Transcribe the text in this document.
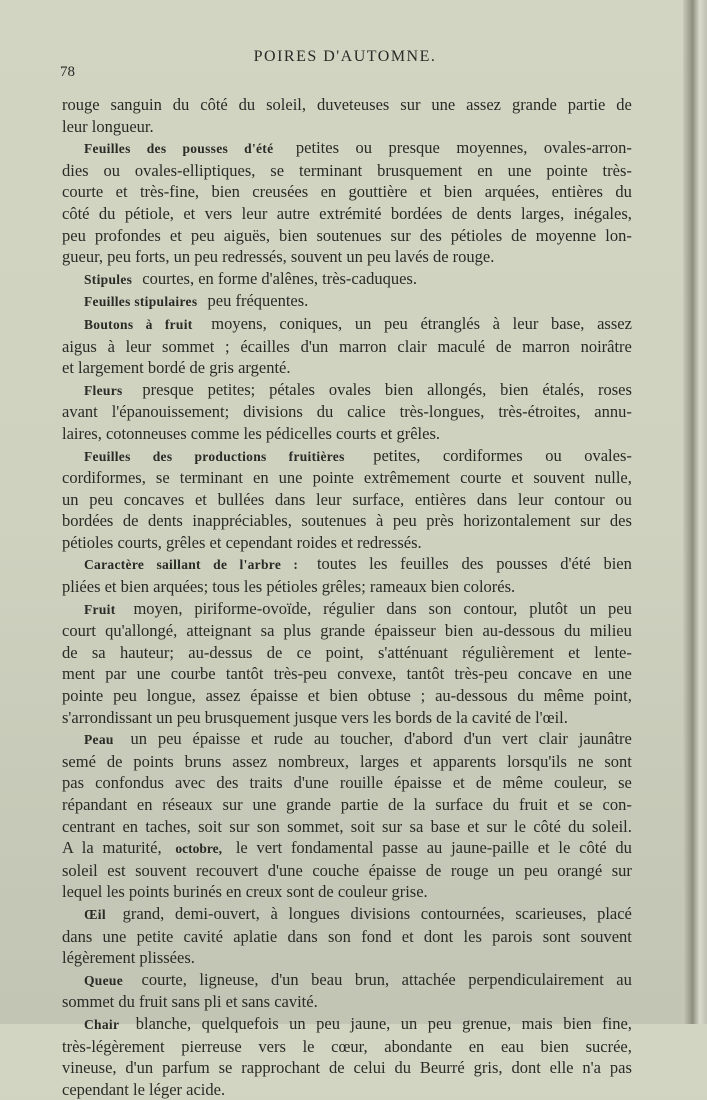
POIRES D'AUTOMNE.
78
rouge sanguin du côté du soleil, duveteuses sur une assez grande partie de
leur longueur.
Feuilles des pousses d'été petites ou presque moyennes, ovales-arron-
dies ou ovales-elliptiques, se terminant brusquement en une pointe très-
courte et très-fine, bien creusées en gouttière et bien arquées, entières du
côté du pétiole, et vers leur autre extrémité bordées de dents larges, inégales,
peu profondes et peu aiguës, bien soutenues sur des pétioles de moyenne lon-
gueur, peu forts, un peu redressés, souvent un peu lavés de rouge.
Stipules courtes, en forme d'alênes, très-caduques.
Feuilles stipulaires peu fréquentes.
Boutons à fruit moyens, coniques, un peu étranglés à leur base, assez
aigus à leur sommet ; écailles d'un marron clair maculé de marron noirâtre
et largement bordé de gris argenté.
Fleurs presque petites; pétales ovales bien allongés, bien étalés, roses
avant l'épanouissement; divisions du calice très-longues, très-étroites, annu-
laires, cotonneuses comme les pédicelles courts et grêles.
Feuilles des productions fruitières petites, cordiformes ou ovales-
cordiformes, se terminant en une pointe extrêmement courte et souvent nulle,
un peu concaves et bullées dans leur surface, entières dans leur contour ou
bordées de dents inappréciables, soutenues à peu près horizontalement sur des
pétioles courts, grêles et cependant roides et redressés.
Caractère saillant de l'arbre : toutes les feuilles des pousses d'été bien
pliées et bien arquées; tous les pétioles grêles; rameaux bien colorés.
Fruit moyen, piriforme-ovoïde, régulier dans son contour, plutôt un peu
court qu'allongé, atteignant sa plus grande épaisseur bien au-dessous du milieu
de sa hauteur; au-dessus de ce point, s'atténuant régulièrement et lente-
ment par une courbe tantôt très-peu convexe, tantôt très-peu concave en une
pointe peu longue, assez épaisse et bien obtuse ; au-dessous du même point,
s'arrondissant un peu brusquement jusque vers les bords de la cavité de l'œil.
Peau un peu épaisse et rude au toucher, d'abord d'un vert clair jaunâtre
semé de points bruns assez nombreux, larges et apparents lorsqu'ils ne sont
pas confondus avec des traits d'une rouille épaisse et de même couleur, se
répandant en réseaux sur une grande partie de la surface du fruit et se con-
centrant en taches, soit sur son sommet, soit sur sa base et sur le côté du soleil.
A la maturité, octobre, le vert fondamental passe au jaune-paille et le côté du
soleil est souvent recouvert d'une couche épaisse de rouge un peu orangé sur
lequel les points burinés en creux sont de couleur grise.
Œil grand, demi-ouvert, à longues divisions contournées, scarieuses, placé
dans une petite cavité aplatie dans son fond et dont les parois sont souvent
légèrement plissées.
Queue courte, ligneuse, d'un beau brun, attachée perpendiculairement au
sommet du fruit sans pli et sans cavité.
Chair blanche, quelquefois un peu jaune, un peu grenue, mais bien fine,
très-légèrement pierreuse vers le cœur, abondante en eau bien sucrée,
vineuse, d'un parfum se rapprochant de celui du Beurré gris, dont elle n'a pas
cependant le léger acide.
